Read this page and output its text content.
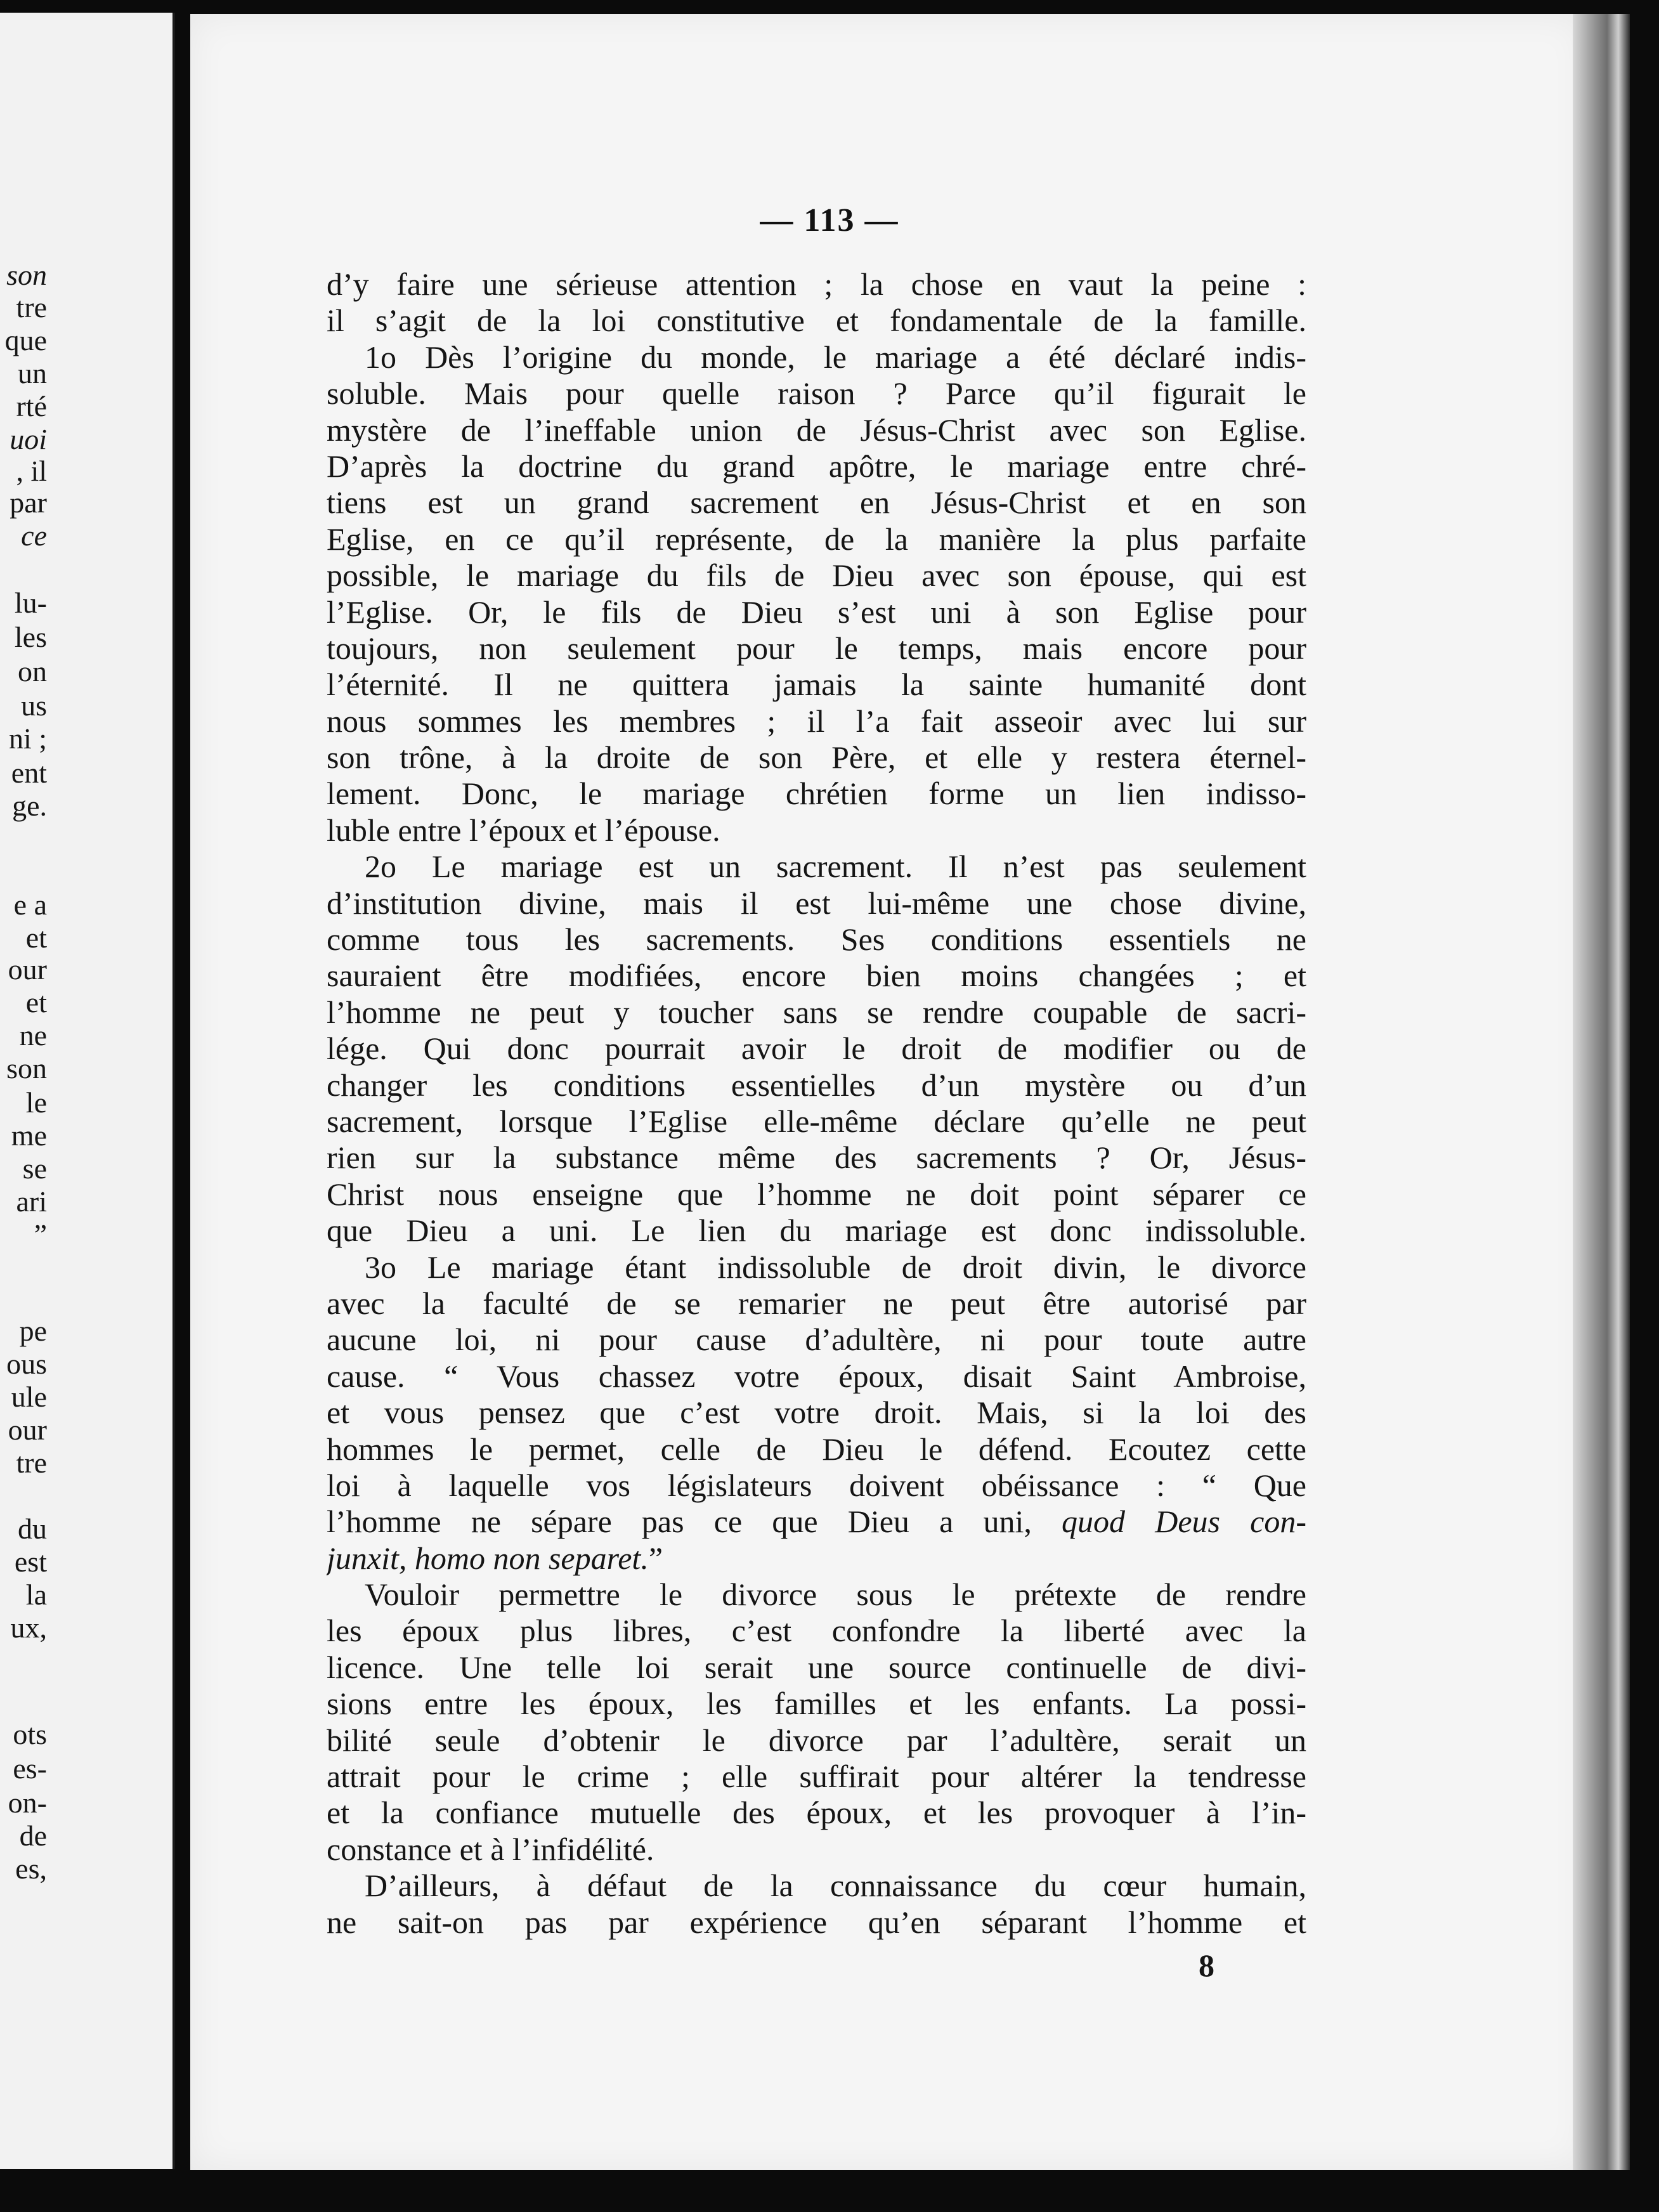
son
tre
que
un
rté
uoi
, il
par
ce
lu-
les
on
us
ni ;
ent
ge.
e a
et
our
et
ne
son
le
me
se
ari
”
pe
ous
ule
our
tre
du
est
la
ux,
ots
es-
on-
de
es,
— 113 —
d’y faire une sérieuse attention ; la chose en vaut la peine :
il s’agit de la loi constitutive et fondamentale de la famille.
1o Dès l’origine du monde, le mariage a été déclaré indis-
soluble. Mais pour quelle raison ? Parce qu’il figurait le
mystère de l’ineffable union de Jésus-Christ avec son Eglise.
D’après la doctrine du grand apôtre, le mariage entre chré-
tiens est un grand sacrement en Jésus-Christ et en son
Eglise, en ce qu’il représente, de la manière la plus parfaite
possible, le mariage du fils de Dieu avec son épouse, qui est
l’Eglise. Or, le fils de Dieu s’est uni à son Eglise pour
toujours, non seulement pour le temps, mais encore pour
l’éternité. Il ne quittera jamais la sainte humanité dont
nous sommes les membres ; il l’a fait asseoir avec lui sur
son trône, à la droite de son Père, et elle y restera éternel-
lement. Donc, le mariage chrétien forme un lien indisso-
luble entre l’époux et l’épouse.
2o Le mariage est un sacrement. Il n’est pas seulement
d’institution divine, mais il est lui-même une chose divine,
comme tous les sacrements. Ses conditions essentiels ne
sauraient être modifiées, encore bien moins changées ; et
l’homme ne peut y toucher sans se rendre coupable de sacri-
lége. Qui donc pourrait avoir le droit de modifier ou de
changer les conditions essentielles d’un mystère ou d’un
sacrement, lorsque l’Eglise elle-même déclare qu’elle ne peut
rien sur la substance même des sacrements ? Or, Jésus-
Christ nous enseigne que l’homme ne doit point séparer ce
que Dieu a uni. Le lien du mariage est donc indissoluble.
3o Le mariage étant indissoluble de droit divin, le divorce
avec la faculté de se remarier ne peut être autorisé par
aucune loi, ni pour cause d’adultère, ni pour toute autre
cause. “ Vous chassez votre époux, disait Saint Ambroise,
et vous pensez que c’est votre droit. Mais, si la loi des
hommes le permet, celle de Dieu le défend. Ecoutez cette
loi à laquelle vos législateurs doivent obéissance : “ Que
l’homme ne sépare pas ce que Dieu a uni, quod Deus con-
junxit, homo non separet.”
Vouloir permettre le divorce sous le prétexte de rendre
les époux plus libres, c’est confondre la liberté avec la
licence. Une telle loi serait une source continuelle de divi-
sions entre les époux, les familles et les enfants. La possi-
bilité seule d’obtenir le divorce par l’adultère, serait un
attrait pour le crime ; elle suffirait pour altérer la tendresse
et la confiance mutuelle des époux, et les provoquer à l’in-
constance et à l’infidélité.
D’ailleurs, à défaut de la connaissance du cœur humain,
ne sait-on pas par expérience qu’en séparant l’homme et
8
